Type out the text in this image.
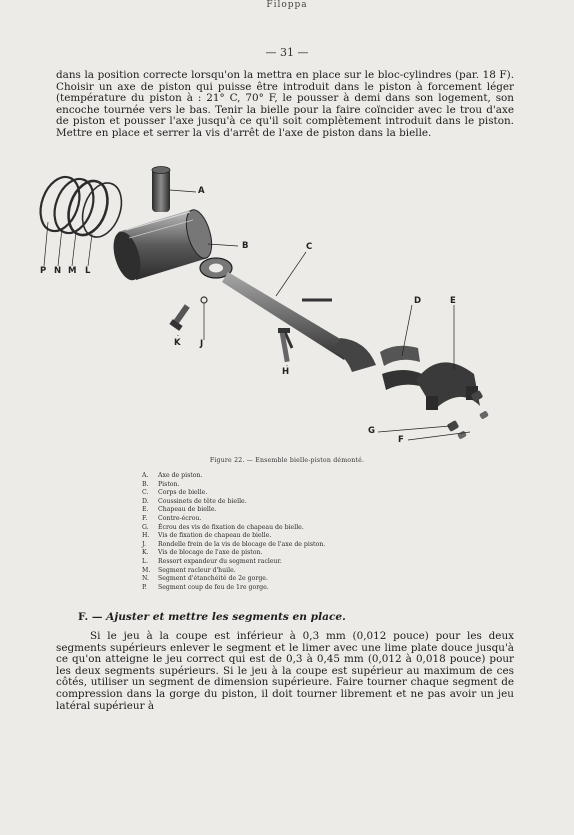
Filoppa
— 31 —

dans la position correcte lorsqu'on la mettra en place sur le bloc-cylindres (par. 18 F). Choisir un axe de piston qui puisse être introduit dans le piston à forcement léger (température du piston à : 21° C, 70° F, le pousser à demi dans son logement, son encoche tournée vers le bas. Tenir la bielle pour la faire coïncider avec le trou d'axe de piston et pousser l'axe jusqu'à ce qu'il soit complètement introduit dans le piston. Mettre en place et serrer la vis d'arrêt de l'axe de piston dans la bielle.

A
B	C
D	E
F
G
H
J
K
L
M
N
P
Figure 22. — Ensemble bielle-piston démonté.
A.	Axe de piston.
B.	Piston.
C.	Corps de bielle.
D.	Coussinets de tête de bielle.
E.	Chapeau de bielle.
F.	Contre-écrou.
G.	Écrou des vis de fixation de chapeau de bielle.
H.	Vis de fixation de chapeau de bielle.
J.	Rondelle frein de la vis de blocage de l'axe de piston.
K.	Vis de blocage de l'axe de piston.
L.	Ressort expandeur du segment racleur.
M.	Segment racleur d'huile.
N.	Segment d'étanchéité de 2e gorge.
P.	Segment coup de feu de 1re gorge.
F. — Ajuster et mettre les segments en place.

Si le jeu à la coupe est inférieur à 0,3 mm (0,012 pouce) pour les deux segments supérieurs enlever le segment et le limer avec une lime plate douce jusqu'à ce qu'on atteigne le jeu correct qui est de 0,3 à 0,45 mm (0,012 à 0,018 pouce) pour les deux segments supérieurs. Si le jeu à la coupe est supérieur au maximum de ces côtés, utiliser un segment de dimension supérieure. Faire tourner chaque segment de compression dans la gorge du piston, il doit tourner librement et ne pas avoir un jeu latéral supérieur à
